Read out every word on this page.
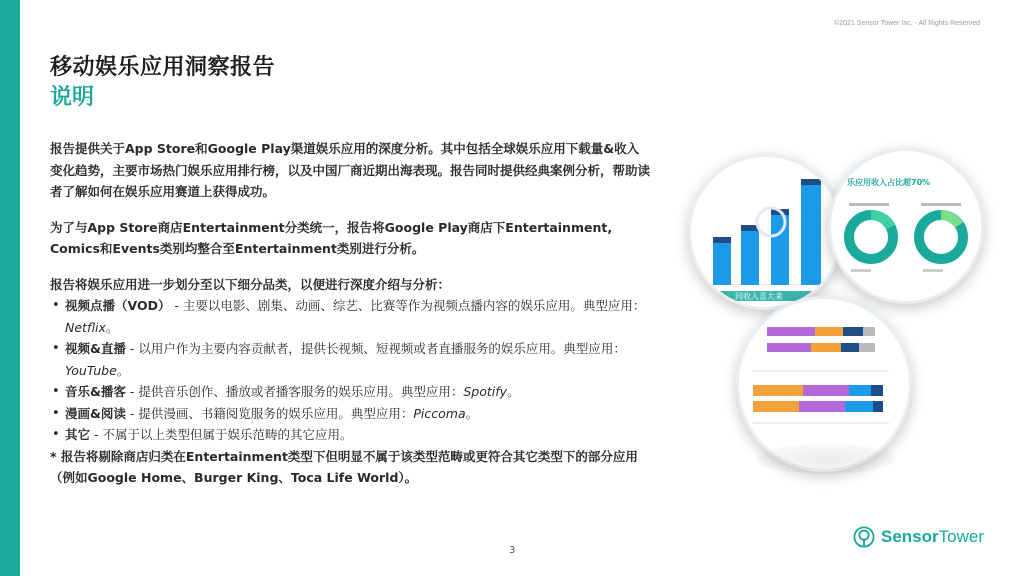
©2021 Sensor Tower Inc. - All Rights Reserved
移动娱乐应用洞察报告
说明

报告提供关于App Store和Google Play渠道娱乐应用的深度分析。其中包括全球娱乐应用下载量&收入变化趋势，主要市场热门娱乐应用排行榜，以及中国厂商近期出海表现。报告同时提供经典案例分析，帮助读者了解如何在娱乐应用赛道上获得成功。

为了与App Store商店Entertainment分类统一，报告将Google Play商店下Entertainment, Comics和Events类别均整合至Entertainment类别进行分析。

报告将娱乐应用进一步划分至以下细分品类，以便进行深度介绍与分析：

• 视频点播（VOD） - 主要以电影、剧集、动画、综艺、比赛等作为视频点播内容的娱乐应用。典型应用：Netflix。
• 视频&直播 - 以用户作为主要内容贡献者，提供长视频、短视频或者直播服务的娱乐应用。典型应用：YouTube。
• 音乐&播客 - 提供音乐创作、播放或者播客服务的娱乐应用。典型应用：Spotify。
• 漫画&阅读 - 提供漫画、书籍阅览服务的娱乐应用。典型应用：Piccoma。
• 其它 - 不属于以上类型但属于娱乐范畴的其它应用。

* 报告将剔除商店归类在Entertainment类型下但明显不属于该类型范畴或更符合其它类型下的部分应用（例如Google Home、Burger King、Toca Life World）。

同收入喜大来
乐应用收入占比超70%
3
SensorTower
